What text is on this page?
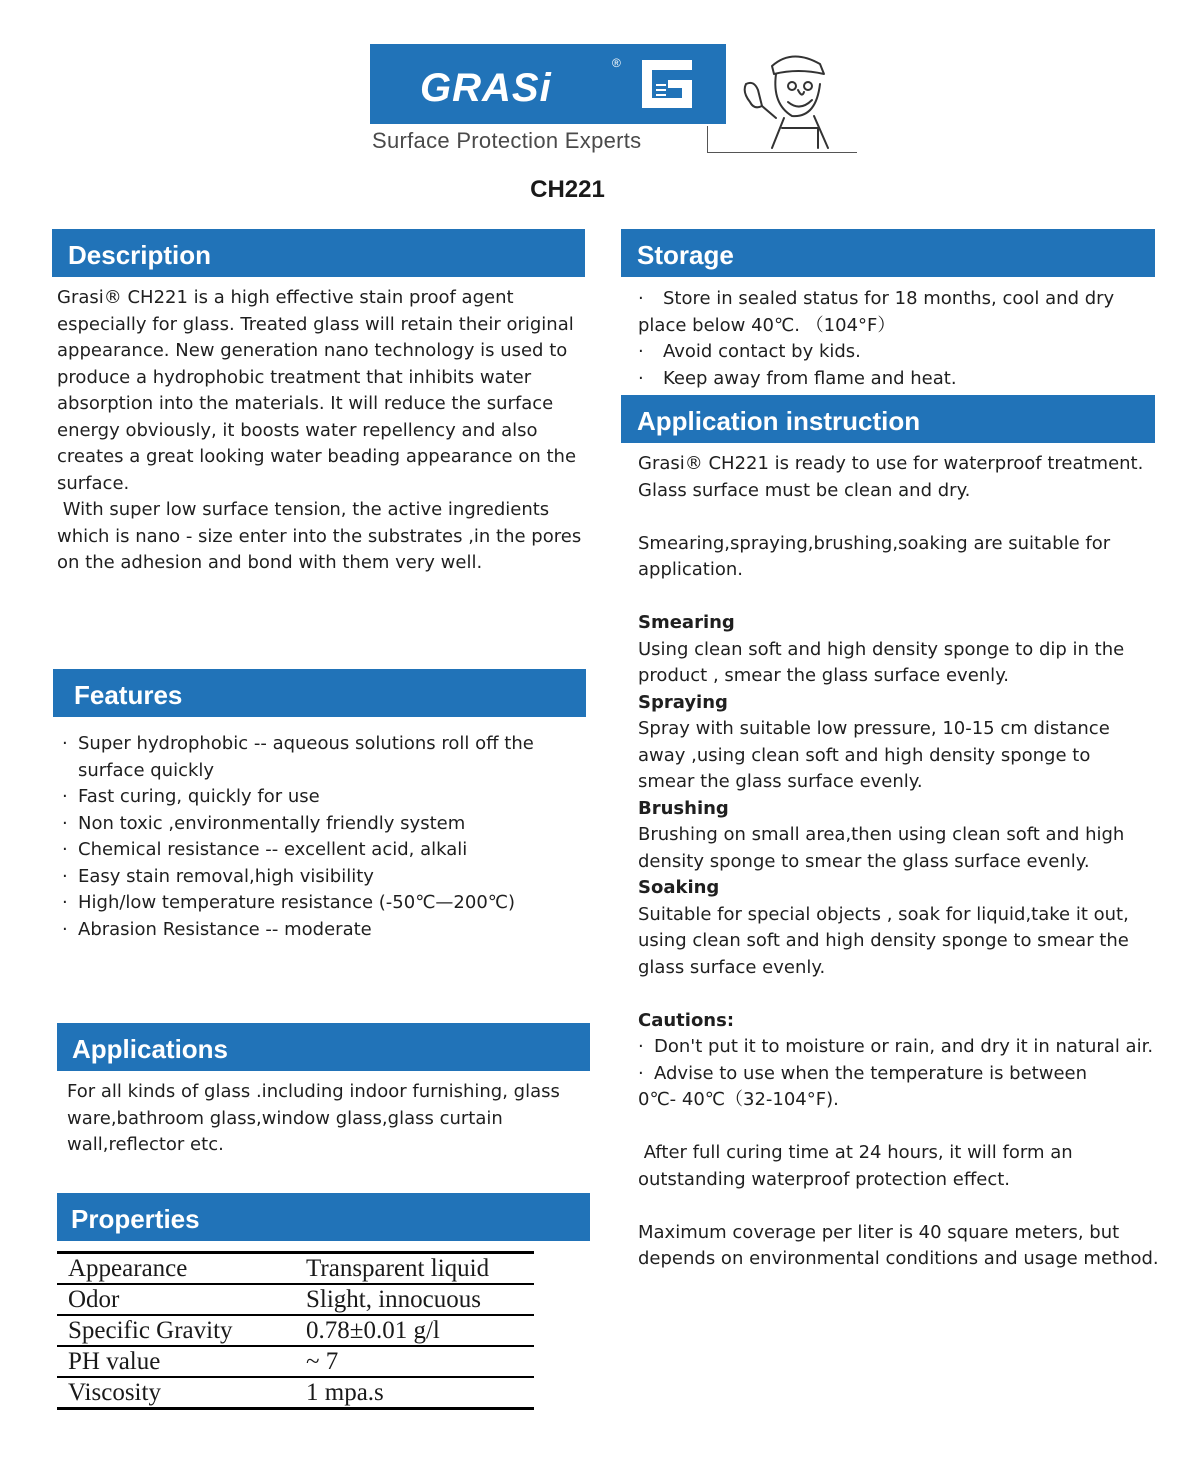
GRASi
®
Surface Protection Experts
CH221
Description

Grasi® CH221 is a high effective stain proof agent especially for glass. Treated glass will retain their original appearance. New generation nano technology is used to produce a hydrophobic treatment that inhibits water absorption into the materials. It will reduce the surface energy obviously, it boosts water repellency and also creates a great looking water beading appearance on the surface.

With super low surface tension, the active ingredients which is nano - size enter into the substrates ,in the pores on the adhesion and bond with them very well.

Features
· Super hydrophobic -- aqueous solutions roll off the surface quickly
· Fast curing, quickly for use
· Non toxic ,environmentally friendly system
· Chemical resistance -- excellent acid, alkali
· Easy stain removal,high visibility
· High/low temperature resistance (-50℃—200℃)
· Abrasion Resistance -- moderate
Applications
For all kinds of glass .including indoor furnishing, glass ware,bathroom glass,window glass,glass curtain wall,reflector etc.
Properties
Appearance	Transparent liquid
Odor	Slight, innocuous
Specific Gravity	0.78±0.01 g/l
PH value	~ 7
Viscosity	1 mpa.s
Storage

· Store in sealed status for 18 months, cool and dry place below 40℃. （104°F）

·	Avoid contact by kids.
·	Keep away from flame and heat.
Application instruction

Grasi® CH221 is ready to use for waterproof treatment. Glass surface must be clean and dry.

Smearing,spraying,brushing,soaking are suitable for application.

Smearing

Using clean soft and high density sponge to dip in the product , smear the glass surface evenly.

Spraying

Spray with suitable low pressure, 10-15 cm distance away ,using clean soft and high density sponge to smear the glass surface evenly.

Brushing

Brushing on small area,then using clean soft and high density sponge to smear the glass surface evenly.

Soaking

Suitable for special objects , soak for liquid,take it out, using clean soft and high density sponge to smear the glass surface evenly.

Cautions:

· Don't put it to moisture or rain, and dry it in natural air.

· Advise to use when the temperature is between 0℃- 40℃（32-104°F).

After full curing time at 24 hours, it will form an outstanding waterproof protection effect.

Maximum coverage per liter is 40 square meters, but depends on environmental conditions and usage method.
